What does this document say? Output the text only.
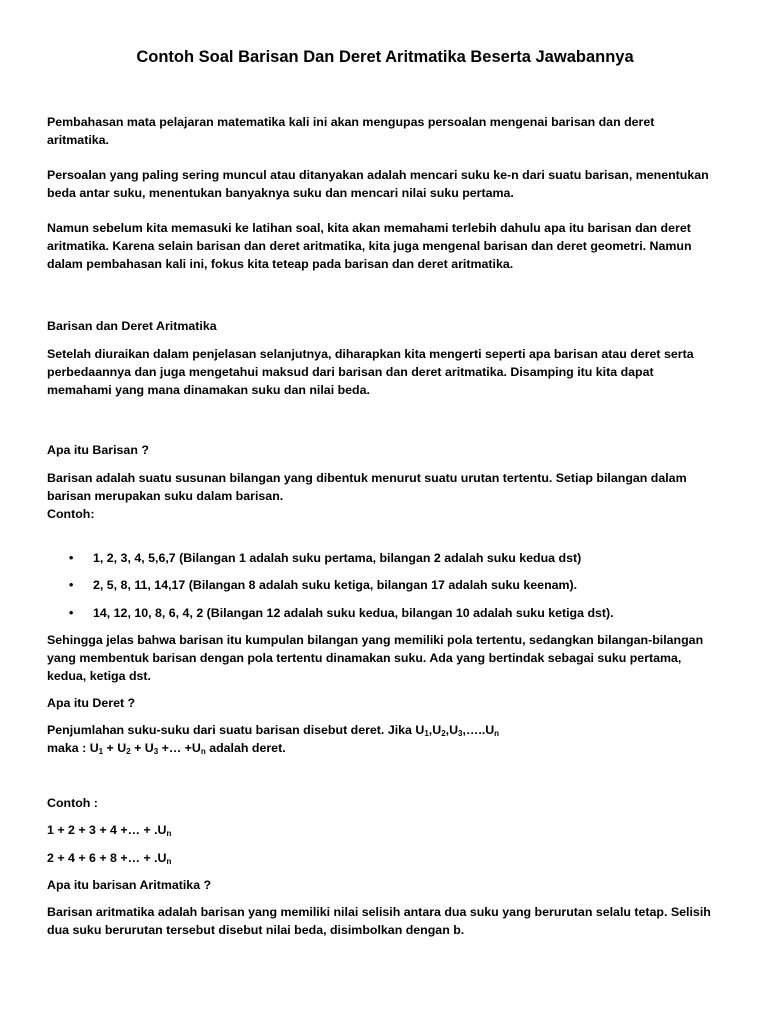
Contoh Soal Barisan Dan Deret Aritmatika Beserta Jawabannya
Pembahasan mata pelajaran matematika kali ini akan mengupas persoalan mengenai barisan dan deret
aritmatika.
Persoalan yang paling sering muncul atau ditanyakan adalah mencari suku ke-n dari suatu barisan, menentukan
beda antar suku, menentukan banyaknya suku dan mencari nilai suku pertama.
Namun sebelum kita memasuki ke latihan soal, kita akan memahami terlebih dahulu apa itu barisan dan deret
aritmatika. Karena selain barisan dan deret aritmatika, kita juga mengenal barisan dan deret geometri. Namun
dalam pembahasan kali ini, fokus kita teteap pada barisan dan deret aritmatika.
Barisan dan Deret Aritmatika
Setelah diuraikan dalam penjelasan selanjutnya, diharapkan kita mengerti seperti apa barisan atau deret serta
perbedaannya dan juga mengetahui maksud dari barisan dan deret aritmatika. Disamping itu kita dapat
memahami yang mana dinamakan suku dan nilai beda.
Apa itu Barisan ?
Barisan adalah suatu susunan bilangan yang dibentuk menurut suatu urutan tertentu. Setiap bilangan dalam
barisan merupakan suku dalam barisan.
Contoh:
• 1, 2, 3, 4, 5,6,7 (Bilangan 1 adalah suku pertama, bilangan 2 adalah suku kedua dst)
• 2, 5, 8, 11, 14,17 (Bilangan 8 adalah suku ketiga, bilangan 17 adalah suku keenam).
• 14, 12, 10, 8, 6, 4, 2 (Bilangan 12 adalah suku kedua, bilangan 10 adalah suku ketiga dst).
Sehingga jelas bahwa barisan itu kumpulan bilangan yang memiliki pola tertentu, sedangkan bilangan-bilangan
yang membentuk barisan dengan pola tertentu dinamakan suku. Ada yang bertindak sebagai suku pertama,
kedua, ketiga dst.
Apa itu Deret ?
Penjumlahan suku-suku dari suatu barisan disebut deret. Jika $U_1,U_2,U_3,\dots..U_n$
maka : $U_1 + U_2 + U_3$ +… $+U_n$ adalah deret.
Contoh :
1 + 2 + 3 + 4 +… + $.U_n$
2 + 4 + 6 + 8 +… + $.U_n$
Apa itu barisan Aritmatika ?
Barisan aritmatika adalah barisan yang memiliki nilai selisih antara dua suku yang berurutan selalu tetap. Selisih
dua suku berurutan tersebut disebut nilai beda, disimbolkan dengan b.
